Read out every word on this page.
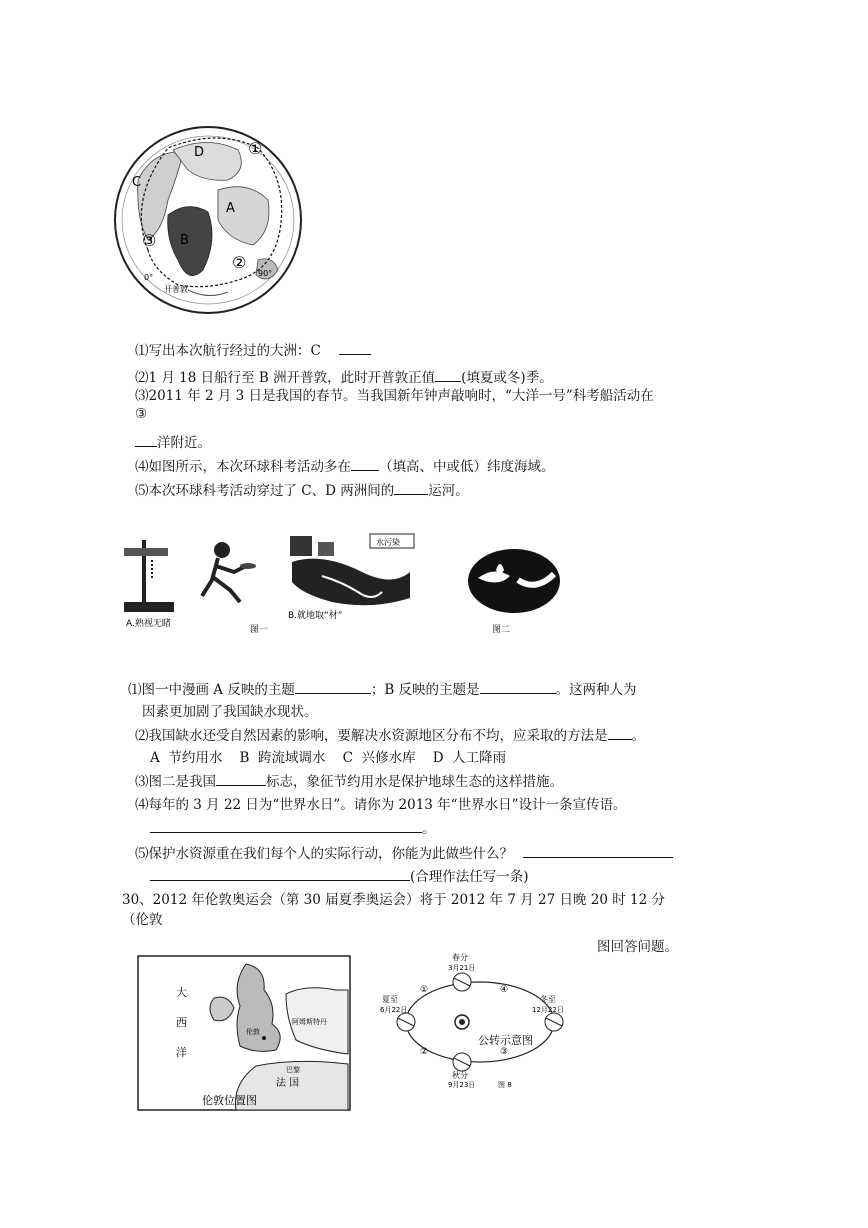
C
D
A
B
①
②
③
0°	90°
开普敦
⑴写出本次航行经过的大洲：C
⑵1 月 18 日船行至 B 洲开普敦，此时开普敦正值 (填夏或冬)季。
⑶2011 年 2 月 3 日是我国的春节。当我国新年钟声敲响时，“大洋一号”科考船活动在
③
洋附近。
⑷如图所示，本次环球科考活动多在 （填高、中或低）纬度海域。
⑸本次环球科考活动穿过了 C、D 两洲间的	运河。
A.熟视无睹
水污染
B.就地取“材”
图一	图二
⑴图一中漫画 A 反映的主题	；B 反映的主题是	。这两种人为
因素更加剧了我国缺水现状。
⑵我国缺水还受自然因素的影响，要解决水资源地区分布不均，应采取的方法是 。
A  节约用水    B  跨流域调水    C  兴修水库    D  人工降雨
⑶图二是我国	标志，象征节约用水是保护地球生态的这样措施。
⑷每年的 3 月 22 日为“世界水日”。请你为 2013 年“世界水日”设计一条宣传语。
。
⑸保护水资源重在我们每个人的实际行动，你能为此做些什么？
(合理作法任写一条)
30、2012 年伦敦奥运会（第 30 届夏季奥运会）将于 2012 年 7 月 27 日晚 20 时 12 分
（伦敦
图回答问题。
大
西
洋
法 国
伦敦
阿姆斯特丹
巴黎
伦敦位置图
春分
3月21日
夏至
6月22日
冬至
12月22日
秋分
9月23日
①
②	③
④
公转示意图
图 8
